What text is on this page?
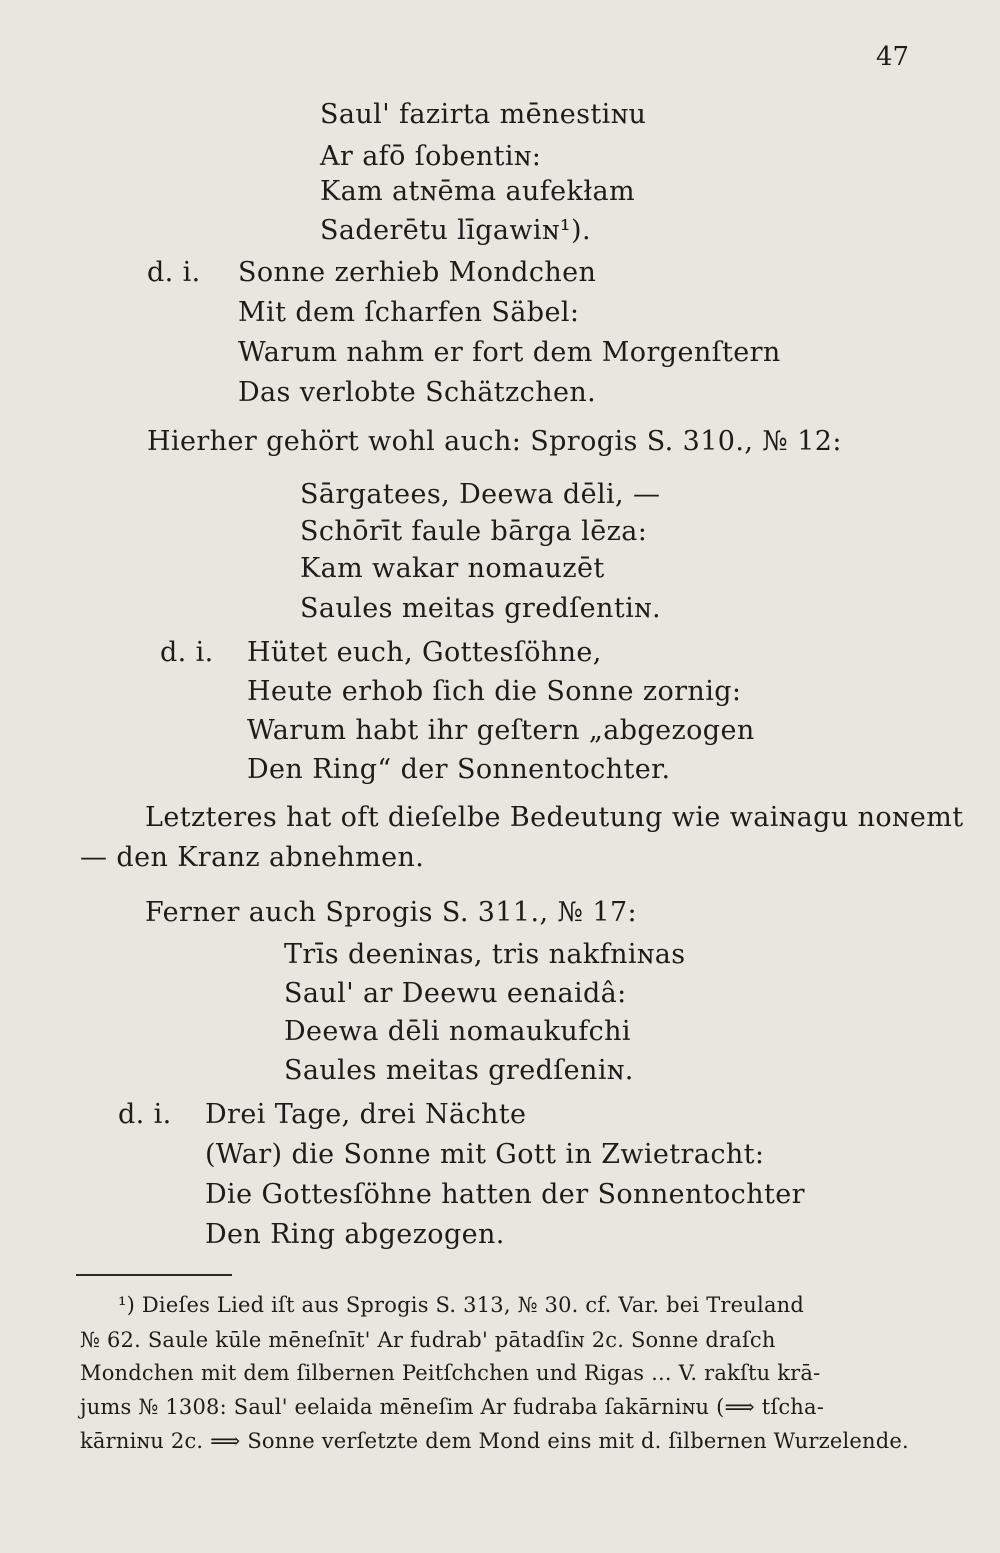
47
Saul' fazirta mēnestiɴu
Ar afō ſobentiɴ:
Kam atɴēma aufekłam
Saderētu līgawiɴ¹).
d. i. Sonne zerhieb Mondchen
Mit dem ſcharfen Säbel:
Warum nahm er fort dem Morgenſtern
Das verlobte Schätzchen.
Hierher gehört wohl auch: Sprogis S. 310., № 12:
Sārgatees, Deewa dēli, —
Schōrīt faule bārga lēza:
Kam wakar nomauzēt
Saules meitas gredſentiɴ.
d. i. Hütet euch, Gottesſöhne,
Heute erhob ſich die Sonne zornig:
Warum habt ihr geſtern „abgezogen
Den Ring“ der Sonnentochter.
Letzteres hat oft dieſelbe Bedeutung wie waiɴagu noɴemt
— den Kranz abnehmen.
Ferner auch Sprogis S. 311., № 17:
Trīs deeniɴas, tris nakfniɴas
Saul' ar Deewu eenaidâ:
Deewa dēli nomaukufchi
Saules meitas gredſeniɴ.
d. i. Drei Tage, drei Nächte
(War) die Sonne mit Gott in Zwietracht:
Die Gottesſöhne hatten der Sonnentochter
Den Ring abgezogen.
¹) Dieſes Lied iſt aus Sprogis S. 313, № 30. cf. Var. bei Treuland
№ 62. Saule kūle mēneſnīt' Ar fudrab' pātadſiɴ 2c. Sonne draſch
Mondchen mit dem ſilbernen Peitſchchen und Rigas ... V. rakſtu krā-
jums № 1308: Saul' eelaida mēneſim Ar fudraba ſakārniɴu (⟹ tſcha-
kārniɴu 2c. ⟹ Sonne verſetzte dem Mond eins mit d. ſilbernen Wurzelende.
